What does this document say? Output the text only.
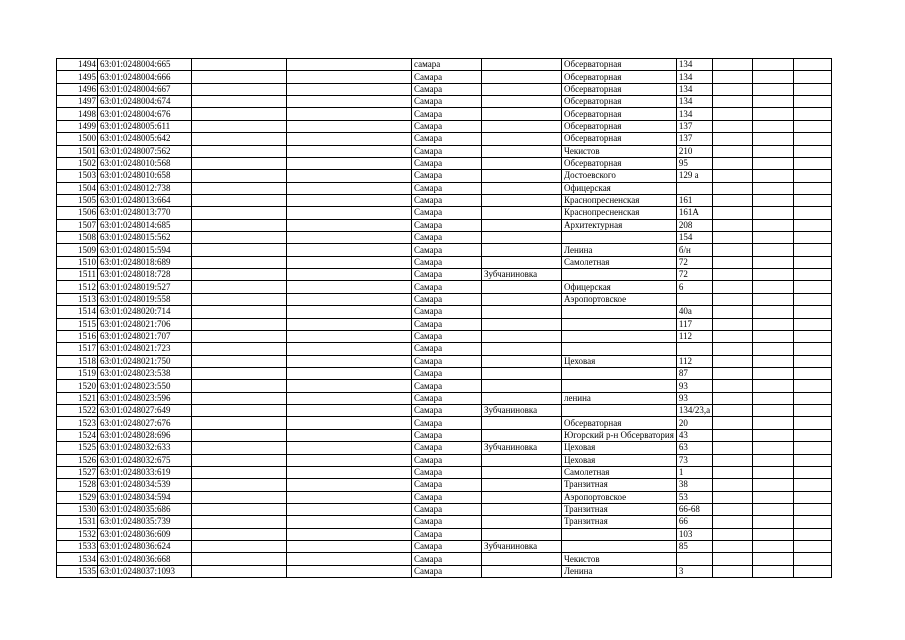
1494	63:01:0248004:665			самара		Обсерваторная	134			
1495	63:01:0248004:666			Самара		Обсерваторная	134			
1496	63:01:0248004:667			Самара		Обсерваторная	134			
1497	63:01:0248004:674			Самара		Обсерваторная	134			
1498	63:01:0248004:676			Самара		Обсерваторная	134			
1499	63:01:0248005:611			Самара		Обсерваторная	137			
1500	63:01:0248005:642			Самара		Обсерваторная	137			
1501	63:01:0248007:562			Самара		Чекистов	210			
1502	63:01:0248010:568			Самара		Обсерваторная	95			
1503	63:01:0248010:658			Самара		Достоевского	129 а			
1504	63:01:0248012:738			Самара		Офицерская				
1505	63:01:0248013:664			Самара		Краснопресненская	161			
1506	63:01:0248013:770			Самара		Краснопресненская	161А			
1507	63:01:0248014:685			Самара		Архитектурная	208			
1508	63:01:0248015:562			Самара			154			
1509	63:01:0248015:594			Самара		Ленина	б/н			
1510	63:01:0248018:689			Самара		Самолетная	72			
1511	63:01:0248018:728			Самара	Зубчаниновка		72			
1512	63:01:0248019:527			Самара		Офицерская	6			
1513	63:01:0248019:558			Самара		Аэропортовское				
1514	63:01:0248020:714			Самара			40а			
1515	63:01:0248021:706			Самара			117			
1516	63:01:0248021:707			Самара			112			
1517	63:01:0248021:723			Самара						
1518	63:01:0248021:750			Самара		Цеховая	112			
1519	63:01:0248023:538			Самара			87			
1520	63:01:0248023:550			Самара			93			
1521	63:01:0248023:596			Самара		ленина	93			
1522	63:01:0248027:649			Самара	Зубчаниновка		134/23,а			
1523	63:01:0248027:676			Самара		Обсерваторная	20			
1524	63:01:0248028:696			Самара		Югорский р-н Обсерватория	43			
1525	63:01:0248032:633			Самара	Зубчаниновка	Цеховая	63			
1526	63:01:0248032:675			Самара		Цеховая	73			
1527	63:01:0248033:619			Самара		Самолетная	1			
1528	63:01:0248034:539			Самара		Транзитная	38			
1529	63:01:0248034:594			Самара		Аэропортовское	53			
1530	63:01:0248035:686			Самара		Транзитная	66-68			
1531	63:01:0248035:739			Самара		Транзитная	66			
1532	63:01:0248036:609			Самара			103			
1533	63:01:0248036:624			Самара	Зубчаниновка		85			
1534	63:01:0248036:668			Самара		Чекистов				
1535	63:01:0248037:1093			Самара		Ленина	3			
